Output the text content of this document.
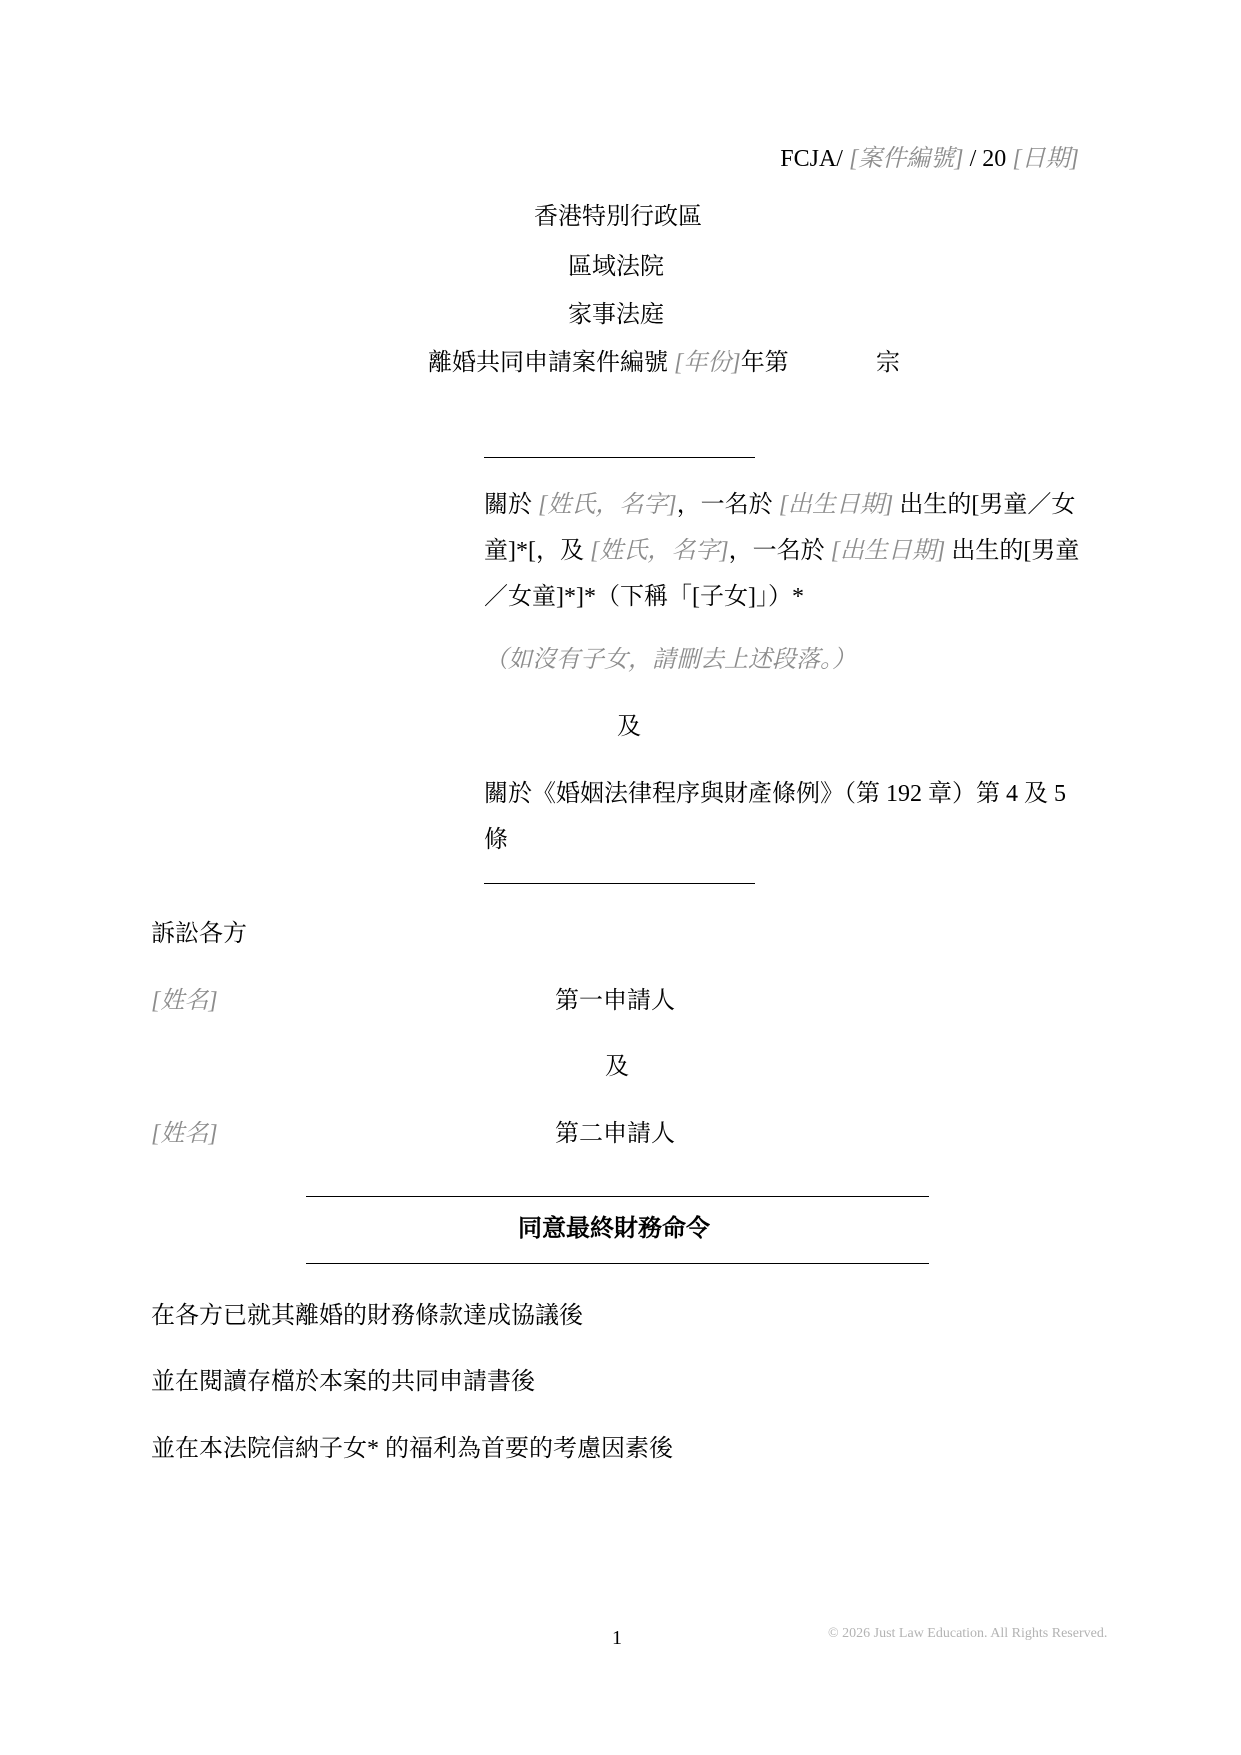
FCJA/ [案件編號] / 20 [日期]
香港特別行政區
區域法院
家事法庭
離婚共同申請案件編號 [年份]年第	宗
關於 [姓氏，名字]，一名於 [出生日期] 出生的[男童／女童]*[，及 [姓氏，名字]，一名於 [出生日期] 出生的[男童／女童]*]*（下稱「[子女]」）*
（如沒有子女，請刪去上述段落。）
及
關於《婚姻法律程序與財產條例》（第 192 章）第 4 及 5 條
訴訟各方
[姓名]	第一申請人
及
[姓名]	第二申請人
同意最終財務命令
在各方已就其離婚的財務條款達成協議後
並在閱讀存檔於本案的共同申請書後
並在本法院信納子女* 的福利為首要的考慮因素後
1	© 2026 Just Law Education. All Rights Reserved.
